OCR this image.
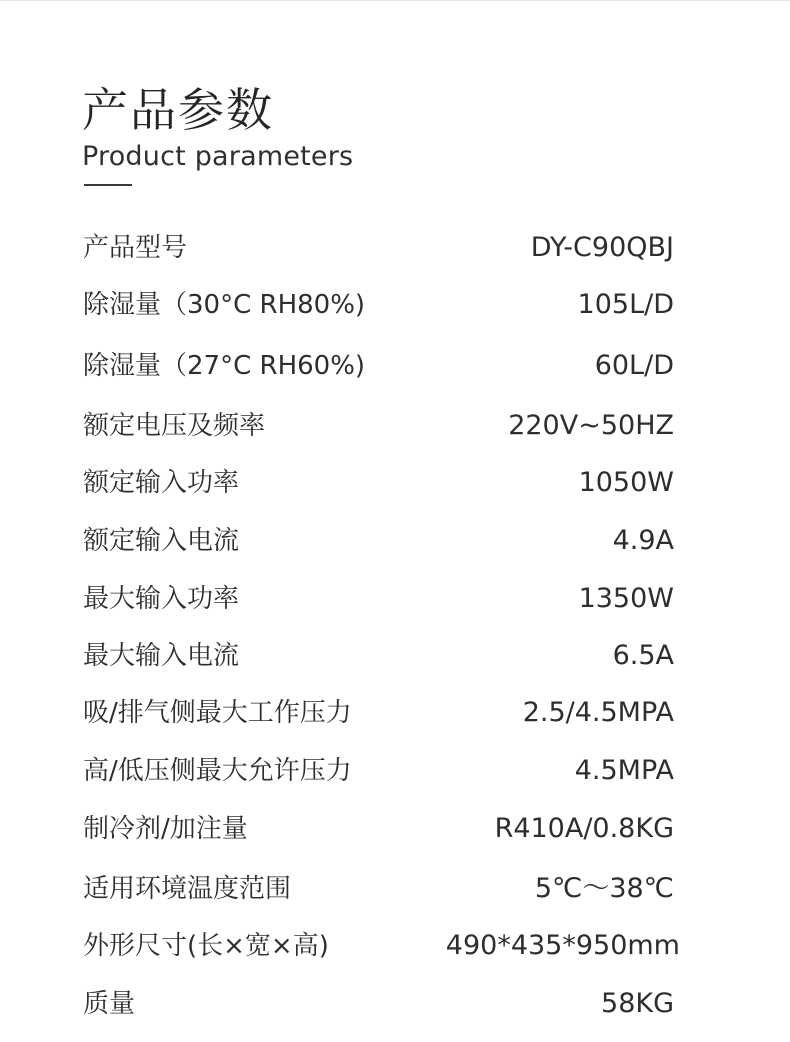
产品参数
Product parameters
产品型号	DY-C90QBJ
除湿量（30°C RH80%)	105L/D
除湿量（27°C RH60%)	60L/D
额定电压及频率	220V~50HZ
额定输入功率	1050W
额定输入电流	4.9A
最大输入功率	1350W
最大输入电流	6.5A
吸/排气侧最大工作压力	2.5/4.5MPA
高/低压侧最大允许压力	4.5MPA
制冷剂/加注量	R410A/0.8KG
适用环境温度范围	5℃～38℃
外形尺寸(长×宽×高)	490*435*950mm
质量	58KG
